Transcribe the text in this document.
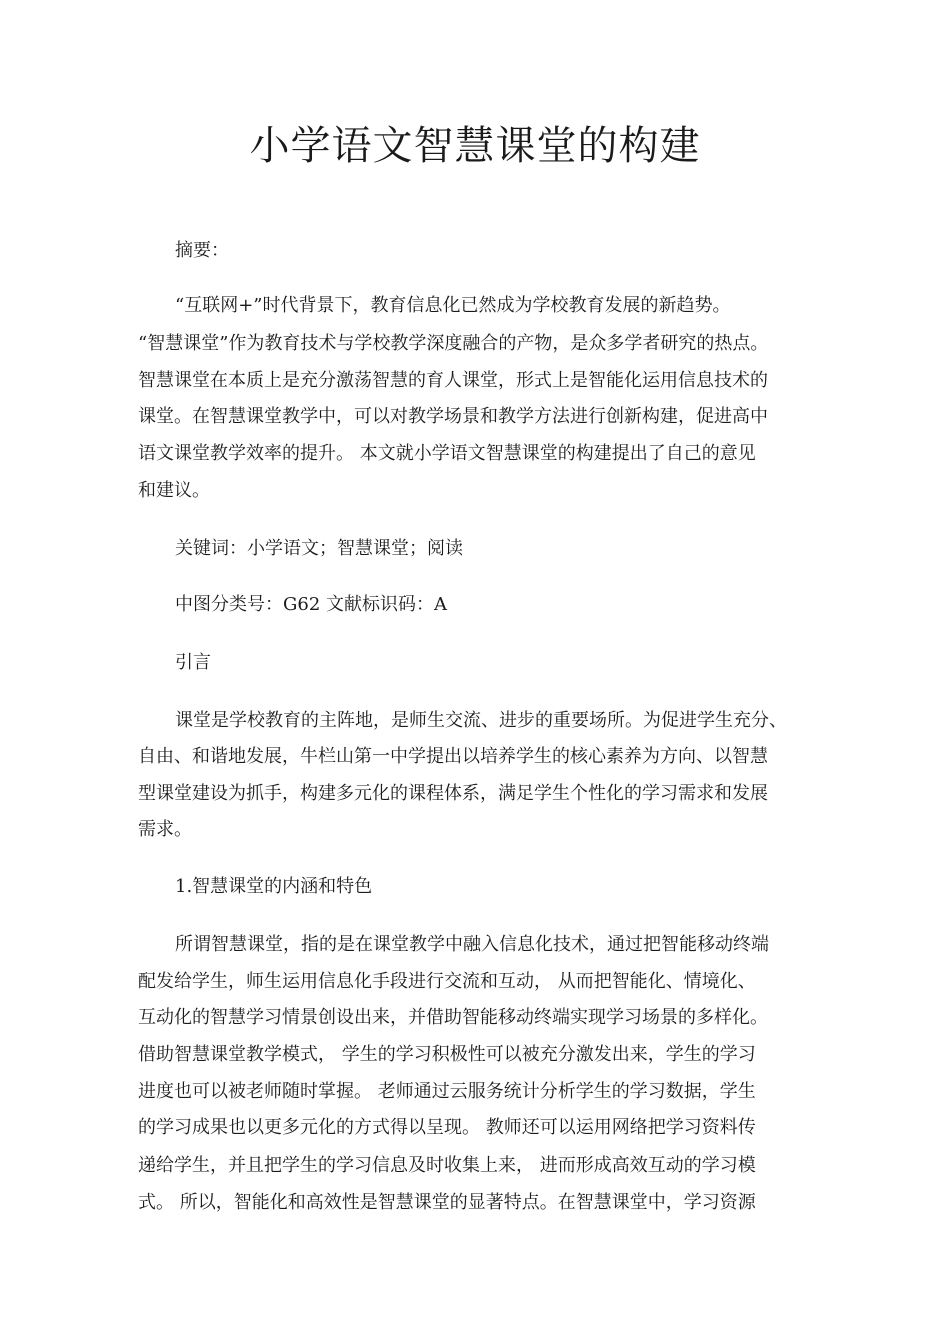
小学语文智慧课堂的构建

摘要：

“互联网+”时代背景下，教育信息化已然成为学校教育发展的新趋势。

“智慧课堂”作为教育技术与学校教学深度融合的产物，是众多学者研究的热点。

智慧课堂在本质上是充分激荡智慧的育人课堂，形式上是智能化运用信息技术的

课堂。在智慧课堂教学中，可以对教学场景和教学方法进行创新构建，促进高中

语文课堂教学效率的提升。 本文就小学语文智慧课堂的构建提出了自己的意见

和建议。

关键词：小学语文；智慧课堂；阅读

中图分类号：G62 文献标识码：A

引言

课堂是学校教育的主阵地，是师生交流、进步的重要场所。为促进学生充分、

自由、和谐地发展，牛栏山第一中学提出以培养学生的核心素养为方向、以智慧

型课堂建设为抓手，构建多元化的课程体系，满足学生个性化的学习需求和发展

需求。

1.智慧课堂的内涵和特色

所谓智慧课堂，指的是在课堂教学中融入信息化技术，通过把智能移动终端

配发给学生，师生运用信息化手段进行交流和互动， 从而把智能化、情境化、

互动化的智慧学习情景创设出来，并借助智能移动终端实现学习场景的多样化。

借助智慧课堂教学模式， 学生的学习积极性可以被充分激发出来，学生的学习

进度也可以被老师随时掌握。 老师通过云服务统计分析学生的学习数据，学生

的学习成果也以更多元化的方式得以呈现。 教师还可以运用网络把学习资料传

递给学生，并且把学生的学习信息及时收集上来， 进而形成高效互动的学习模

式。 所以，智能化和高效性是智慧课堂的显著特点。在智慧课堂中，学习资源
